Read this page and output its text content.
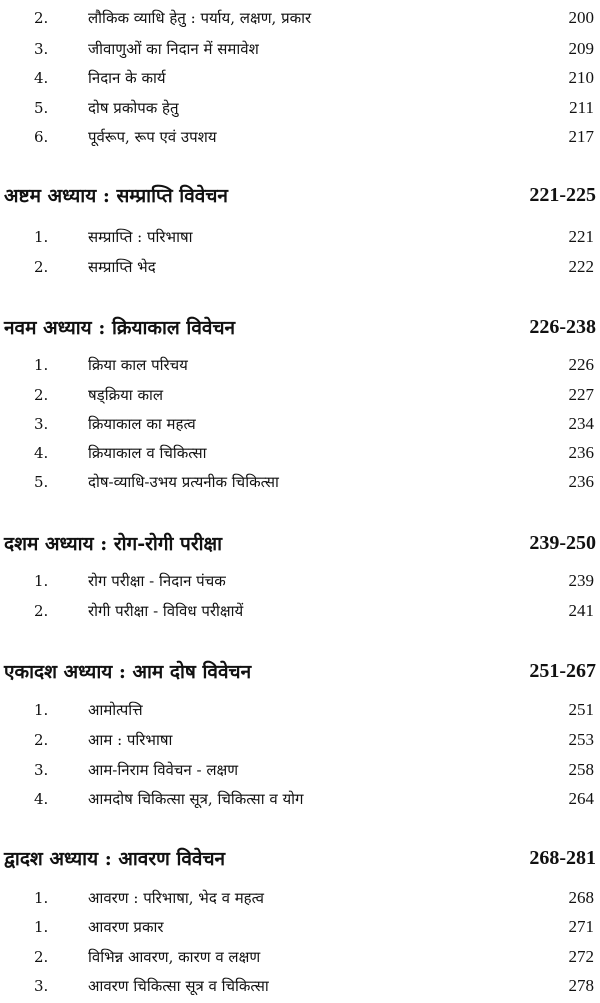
2.	लौकिक व्याधि हेतु : पर्याय, लक्षण, प्रकार	200
3.	जीवाणुओं का निदान में समावेश	209
4.	निदान के कार्य	210
5.	दोष प्रकोपक हेतु	211
6.	पूर्वरूप, रूप एवं उपशय	217
अष्टम अध्याय : सम्प्राप्ति विवेचन	221-225
1.	सम्प्राप्ति : परिभाषा	221
2.	सम्प्राप्ति भेद	222
नवम अध्याय : क्रियाकाल विवेचन	226-238
1.	क्रिया काल परिचय	226
2.	षड्क्रिया काल	227
3.	क्रियाकाल का महत्व	234
4.	क्रियाकाल व चिकित्सा	236
5.	दोष-व्याधि-उभय प्रत्यनीक चिकित्सा	236
दशम अध्याय : रोग-रोगी परीक्षा	239-250
1.	रोग परीक्षा - निदान पंचक	239
2.	रोगी परीक्षा - विविध परीक्षायें	241
एकादश अध्याय : आम दोष विवेचन	251-267
1.	आमोत्पत्ति	251
2.	आम : परिभाषा	253
3.	आम-निराम विवेचन - लक्षण	258
4.	आमदोष चिकित्सा सूत्र, चिकित्सा व योग	264
द्वादश अध्याय : आवरण विवेचन	268-281
1.	आवरण : परिभाषा, भेद व महत्व	268
1.	आवरण प्रकार	271
2.	विभिन्न आवरण, कारण व लक्षण	272
3.	आवरण चिकित्सा सूत्र व चिकित्सा	278
